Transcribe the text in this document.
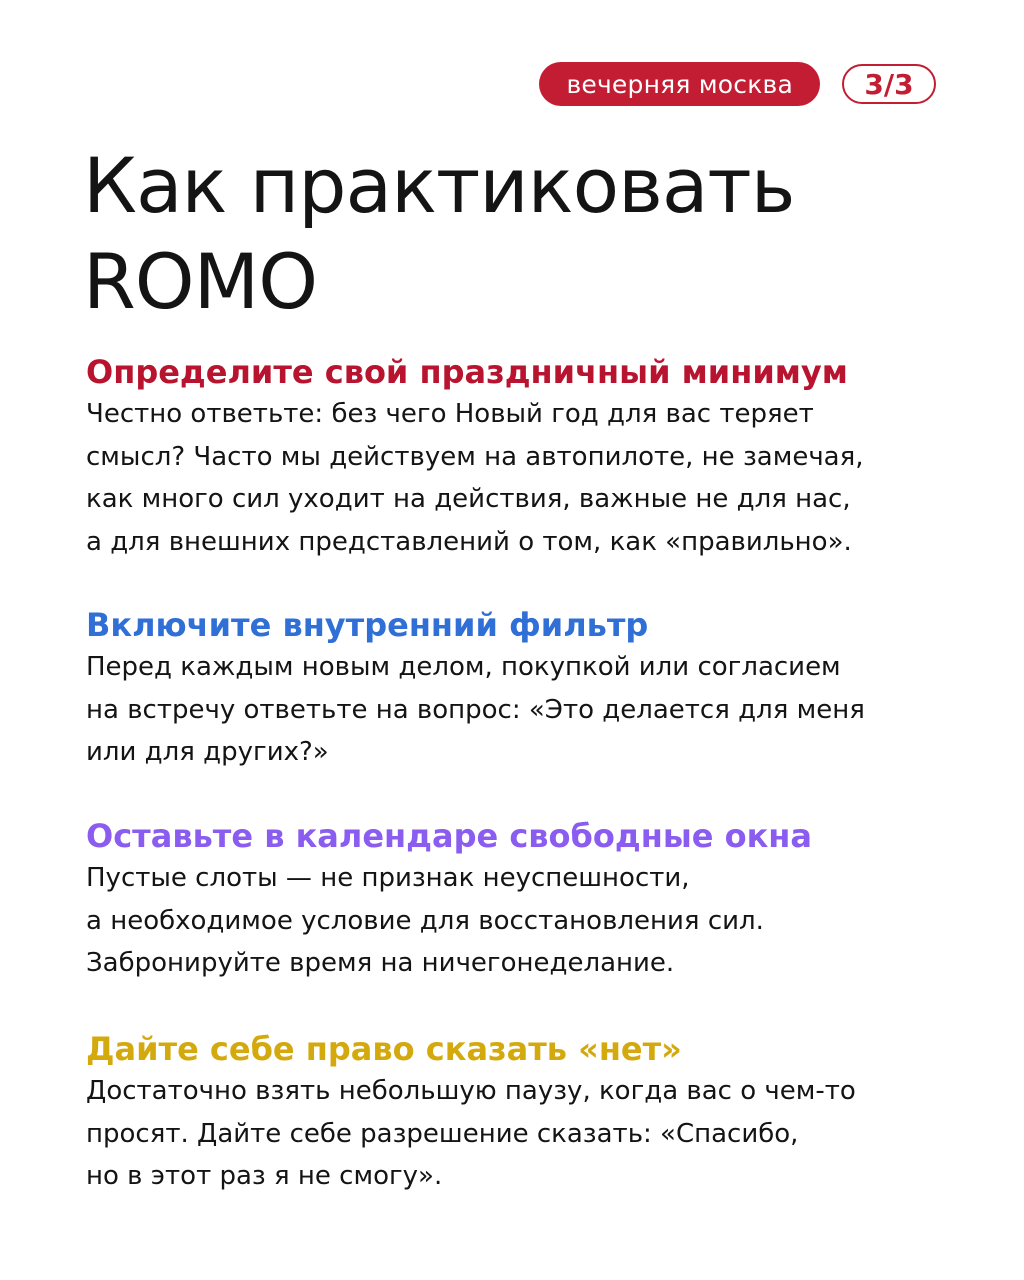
вечерняя москва	3/3
Как практиковать
ROMO
Определите свой праздничный минимум

Честно ответьте: без чего Новый год для вас теряет
смысл? Часто мы действуем на автопилоте, не замечая,
как много сил уходит на действия, важные не для нас,
а для внешних представлений о том, как «правильно».

Включите внутренний фильтр

Перед каждым новым делом, покупкой или согласием
на встречу ответьте на вопрос: «Это делается для меня
или для других?»

Оставьте в календаре свободные окна

Пустые слоты — не признак неуспешности,
а необходимое условие для восстановления сил.
Забронируйте время на ничегонеделание.

Дайте себе право сказать «нет»

Достаточно взять небольшую паузу, когда вас о чем-то
просят. Дайте себе разрешение сказать: «Спасибо,
но в этот раз я не смогу».
